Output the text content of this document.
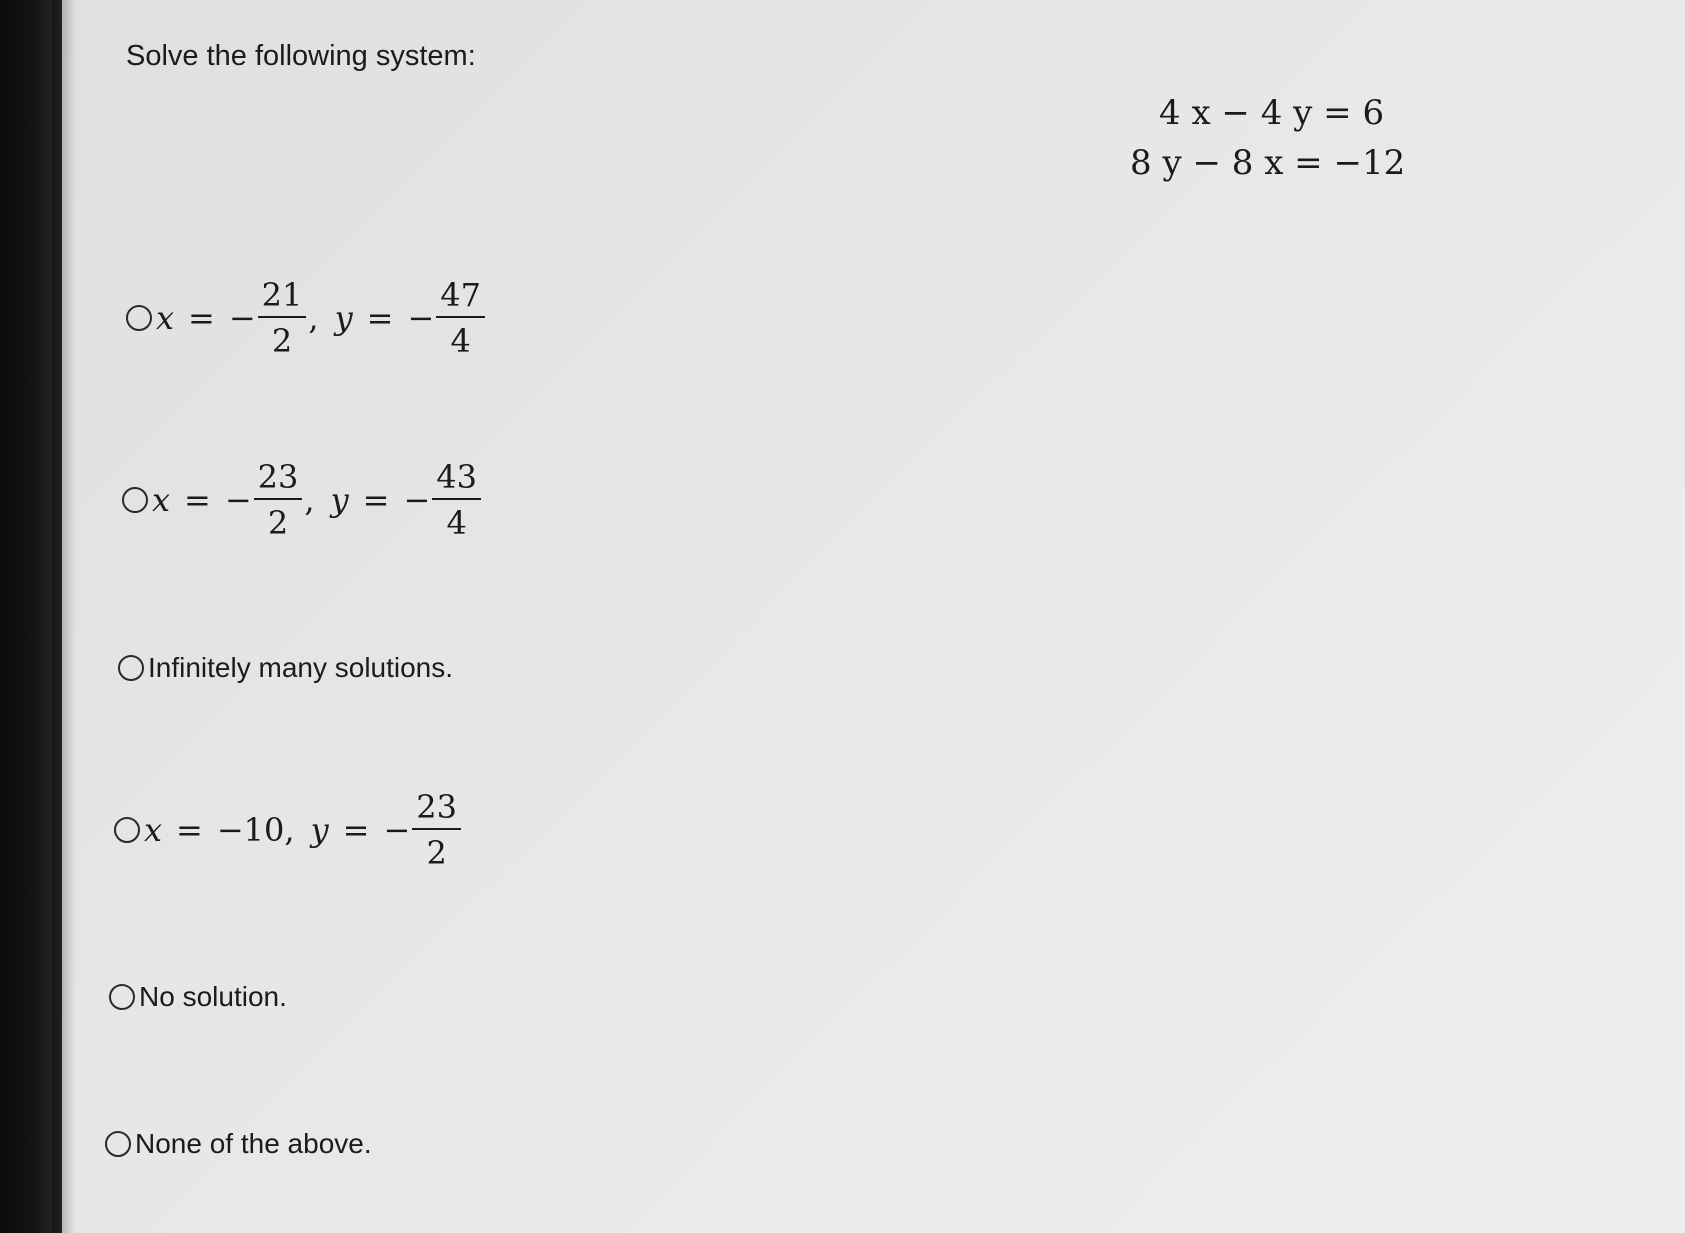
Solve the following system:
4 x − 4 y = 6
8 y − 8 x = −12
x = − $\frac{21}{2}$ , y = − $\frac{47}{4}$
x = − $\frac{23}{2}$ , y = − $\frac{43}{4}$
Infinitely many solutions.
x = −10 , y = − $\frac{23}{2}$
No solution.
None of the above.
